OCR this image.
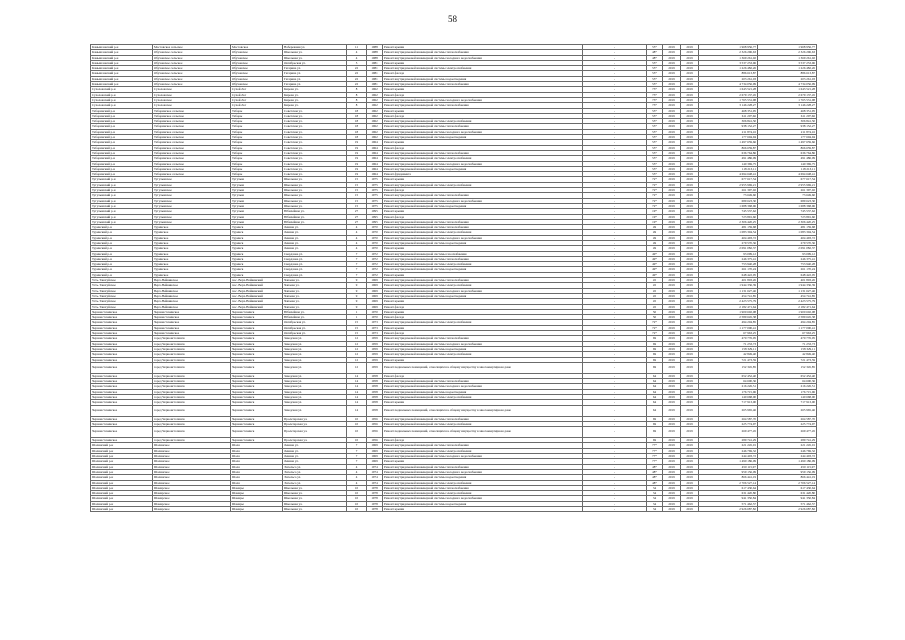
58
Камышловский р-н	Мостовское сельское	Мостовское	Набережная ул.	11	1988	Ремонт крыши	-	55*	2019	2019	1 968 956,77	1 968 956,77
Камышловский р-н	Обуховское сельское	Обуховское	Школьная ул.	4	1988	Ремонт внутридомовой инженерной системы теплоснабжения	-	48*	2019	2019	2 326 296,63	2 326 296,63
Камышловский р-н	Обуховское сельское	Обуховское	Школьная ул.	4	1988	Ремонт внутридомовой инженерной системы холодного водоснабжения	-	48*	2019	2019	1 369 261,02	1 369 261,02
Камышловский р-н	Обуховское сельское	Обуховское	Октябрьская ул.	5	1981	Ремонт крыши	-	55*	2019	2019	3 537 253,96	3 537 253,96
Камышловский р-н	Обуховское сельское	Обуховское	Гагарина ул.	22	1981	Ремонт внутридомовой инженерной системы электроснабжения	-	55*	2019	2019	1 226 482,26	1 226 482,26
Камышловский р-н	Обуховское сельское	Обуховское	Гагарина ул.	22	1981	Ремонт фасада	-	55*	2019	2019	886 613,87	886 613,87
Камышловский р-н	Обуховское сельское	Обуховское	Гагарина ул.	22	1981	Ремонт внутридомовой инженерной системы водоотведения	-	55*	2019	2019	203 261,03	203 261,03
Камышловский р-н	Обуховское сельское	Обуховское	Гагарина ул.	22	1981	Ремонт внутридомовой инженерной системы теплоснабжения	-	55*	2019	2019	4 734 056,99	4 734 056,99
Сухоложский р-н	Сухоложское	Сухой Лог	Кирова ул.	8	1962	Ремонт крыши	-	73*	2019	2019	1 643 521,28	1 643 521,28
Сухоложский р-н	Сухоложское	Сухой Лог	Кирова ул.	8	1962	Ремонт фасада	-	73*	2019	2019	2 679 137,45	2 679 137,45
Сухоложский р-н	Сухоложское	Сухой Лог	Кирова ул.	8	1962	Ремонт внутридомовой инженерной системы холодного водоснабжения	-	73*	2019	2019	1 765 531,98	1 765 531,98
Сухоложский р-н	Сухоложское	Сухой Лог	Кирова ул.	8	1962	Ремонт внутридомовой инженерной системы теплоснабжения	-	73*	2019	2019	3 146 228,27	3 146 228,27
Таборинский р-н	Таборинское сельское	Таборы	Советская ул.	18	1962	Ремонт крыши	-	55*	2019	2019	468 351,95	468 351,95
Таборинский р-н	Таборинское сельское	Таборы	Советская ул.	18	1962	Ремонт фасада	-	55*	2019	2019	611 207,66	611 207,66
Таборинский р-н	Таборинское сельское	Таборы	Советская ул.	18	1962	Ремонт внутридомовой инженерной системы электроснабжения	-	55*	2019	2019	306 841,50	306 841,50
Таборинский р-н	Таборинское сельское	Таборы	Советская ул.	18	1962	Ремонт внутридомовой инженерной системы теплоснабжения	-	55*	2019	2019	938 152,27	938 152,27
Таборинский р-н	Таборинское сельское	Таборы	Советская ул.	18	1962	Ремонт внутридомовой инженерной системы холодного водоснабжения	-	55*	2019	2019	211 874,16	211 874,16
Таборинский р-н	Таборинское сельское	Таборы	Советская ул.	18	1962	Ремонт внутридомовой инженерной системы водоотведения	-	55*	2019	2019	177 604,94	177 604,94
Таборинский р-н	Таборинское сельское	Таборы	Советская ул.	19	1964	Ремонт крыши	-	55*	2019	2019	1 497 659,66	1 497 659,66
Таборинский р-н	Таборинское сельское	Таборы	Советская ул.	19	1964	Ремонт фасада	-	55*	2019	2019	866 659,87	866 659,87
Таборинский р-н	Таборинское сельское	Таборы	Советская ул.	19	1964	Ремонт внутридомовой инженерной системы теплоснабжения	-	55*	2019	2019	636 764,86	636 764,86
Таборинский р-н	Таборинское сельское	Таборы	Советская ул.	19	1964	Ремонт внутридомовой инженерной системы электроснабжения	-	55*	2019	2019	491 486,09	491 486,09
Таборинский р-н	Таборинское сельское	Таборы	Советская ул.	19	1964	Ремонт внутридомовой инженерной системы холодного водоснабжения	-	55*	2019	2019	140 369,75	140 369,75
Таборинский р-н	Таборинское сельское	Таборы	Советская ул.	19	1964	Ремонт внутридомовой инженерной системы водоотведения	-	55*	2019	2019	118 213,11	118 213,11
Таборинский р-н	Таборинское сельское	Таборы	Советская ул.	19	1964	Ремонт фундамента	-	55*	2019	2019	4 694 648,41	4 694 648,41
Тугулымский р-н	Тугулымское	Тугулым	Школьная ул.	15	1975	Ремонт крыши	-	72*	2019	2019	677 617,54	677 617,54
Тугулымский р-н	Тугулымское	Тугулым	Школьная ул.	15	1975	Ремонт внутридомовой инженерной системы электроснабжения	-	72*	2019	2019	2 955 969,21	2 955 969,21
Тугулымский р-н	Тугулымское	Тугулым	Школьная ул.	15	1975	Ремонт фасада	-	72*	2019	2019	261 397,02	261 397,02
Тугулымский р-н	Тугулымское	Тугулым	Школьная ул.	15	1975	Ремонт внутридомовой инженерной системы теплоснабжения	-	72*	2019	2019	73 649,60	73 649,60
Тугулымский р-н	Тугулымское	Тугулым	Школьная ул.	15	1975	Ремонт внутридомовой инженерной системы холодного водоснабжения	-	72*	2019	2019	689 623,30	689 623,30
Тугулымский р-н	Тугулымское	Тугулым	Школьная ул.	15	1975	Ремонт внутридомовой инженерной системы водоотведения	-	72*	2019	2019	1 688 368,96	1 688 368,96
Тугулымский р-н	Тугулымское	Тугулым	Юбилейная ул.	27	1995	Ремонт крыши	-	19*	2019	2019	745 537,62	745 537,62
Тугулымский р-н	Тугулымское	Тугулым	Юбилейная ул.	27	1995	Ремонт фасада	-	19*	2019	2019	723 891,60	723 891,60
Тугулымский р-н	Тугулымское	Тугулым	Юбилейная ул.	27	1995	Ремонт внутридомовой инженерной системы теплоснабжения	-	19*	2019	2019	2 306 420,25	2 306 420,25
Туринский р-н	Туринское	Туринск	Ленина ул.	4	1970	Ремонт внутридомовой инженерной системы теплоснабжения	-	49	2019	2019	481 159,68	481 159,68
Туринский р-н	Туринское	Туринск	Ленина ул.	4	1970	Ремонт внутридомовой инженерной системы электроснабжения	-	49	2019	2019	1 083 304,54	1 083 304,54
Туринский р-н	Туринское	Туринск	Ленина ул.	4	1970	Ремонт внутридомовой инженерной системы холодного водоснабжения	-	49	2019	2019	404 493,72	404 493,72
Туринский р-н	Туринское	Туринск	Ленина ул.	4	1970	Ремонт внутридомовой инженерной системы водоотведения	-	49	2019	2019	279 570,36	279 570,36
Туринский р-н	Туринское	Туринск	Ленина ул.	4	1970	Ремонт крыши	-	49	2019	2019	2 091 082,37	2 091 082,37
Туринский р-н	Туринское	Туринск	Свердлова ул.	7	1972	Ремонт внутридомовой инженерной системы газоснабжения	-	49*	2019	2019	93 099,12	93 099,12
Туринский р-н	Туринское	Туринск	Свердлова ул.	7	1972	Ремонт внутридомовой инженерной системы теплоснабжения	-	49*	2019	2019	246 375,41	246 375,41
Туринский р-н	Туринское	Туринск	Свердлова ул.	7	1972	Ремонт внутридомовой инженерной системы электроснабжения	-	49*	2019	2019	753 940,28	753 940,28
Туринский р-н	Туринское	Туринск	Свердлова ул.	7	1972	Ремонт внутридомовой инженерной системы водоотведения	-	49*	2019	2019	261 170,24	261 170,24
Туринский р-н	Туринское	Туринск	Свердлова ул.	7	1972	Ремонт крыши	-	49*	2019	2019	648 422,05	648 422,05
Усть-Таватуйское	Верх-Нейвинское	пос. Верх-Нейвинский	Чапаева ул.	9	1969	Ремонт внутридомовой инженерной системы теплоснабжения	-	45	2019	2019	401 803,26	401 803,26
Усть-Таватуйское	Верх-Нейвинское	пос. Верх-Нейвинский	Чапаева ул.	9	1969	Ремонт внутридомовой инженерной системы электроснабжения	-	45	2019	2019	1 944 336,39	1 944 336,39
Усть-Таватуйское	Верх-Нейвинское	пос. Верх-Нейвинский	Чапаева ул.	9	1969	Ремонт внутридомовой инженерной системы холодного водоснабжения	-	45	2019	2019	1 131 627,46	1 131 627,46
Усть-Таватуйское	Верх-Нейвинское	пос. Верх-Нейвинский	Чапаева ул.	9	1969	Ремонт внутридомовой инженерной системы водоотведения	-	45	2019	2019	454 741,85	454 741,85
Усть-Таватуйское	Верх-Нейвинское	пос. Верх-Нейвинский	Чапаева ул.	9	1969	Ремонт крыши	-	45	2019	2019	2 423 575,79	2 423 575,79
Усть-Таватуйское	Верх-Нейвинское	пос. Верх-Нейвинский	Чапаева ул.	9	1969	Ремонт фасада	-	45	2019	2019	2 182 471,64	2 182 471,64
Черноисточинское	Черноисточинское	Черноисточинск	Юбилейная ул.	1	1970	Ремонт крыши	-	50	2019	2019	1 900 602,08	1 900 602,08
Черноисточинское	Черноисточинское	Черноисточинск	Юбилейная ул.	1	1970	Ремонт фасада	-	50	2019	2019	2 589 645,38	2 589 645,38
Черноисточинское	Черноисточинское	Черноисточинск	Октябрьская ул.	15	1973	Ремонт внутридомовой инженерной системы электроснабжения	-	72*	2019	2019	494 204,85	494 204,85
Черноисточинское	Черноисточинское	Черноисточинск	Октябрьская ул.	15	1973	Ремонт крыши	-	72*	2019	2019	1 177 000,41	1 177 000,41
Черноисточинское	Черноисточинское	Черноисточинск	Октябрьская ул.	15	1973	Ремонт фасада	-	72*	2019	2019	67 963,25	67 963,25
Черноисточинское	город Черноисточинск	Черноисточинск	Заводская ул.	12	1959	Ремонт внутридомовой инженерной системы теплоснабжения	-	69	2019	2019	470 776,05	470 776,05
Черноисточинское	город Черноисточинск	Черноисточинск	Заводская ул.	12	1959	Ремонт внутридомовой инженерной системы холодного водоснабжения	-	69	2019	2019	71 233,73	71 233,73
Черноисточинское	город Черноисточинск	Черноисточинск	Заводская ул.	12	1959	Ремонт внутридомовой инженерной системы водоотведения	-	69	2019	2019	158 329,11	158 329,11
Черноисточинское	город Черноисточинск	Черноисточинск	Заводская ул.	12	1959	Ремонт внутридомовой инженерной системы электроснабжения	-	69	2019	2019	42 849,40	42 849,40
Черноисточинское	город Черноисточинск	Черноисточинск	Заводская ул.	12	1959	Ремонт крыши	-	69	2019	2019	721 473,59	721 473,59
Черноисточинское	город Черноисточинск	Черноисточинск	Заводская ул.	12	1959	Ремонт подвальных помещений, относящихся к общему имуществу в многоквартирном доме	-	69	2019	2019	152 345,85	152 345,85
Черноисточинское	город Черноисточинск	Черноисточинск	Заводская ул.	14	1958	Ремонт фасада	-	64	2019	2019	652 452,40	652 452,40
Черноисточинское	город Черноисточинск	Черноисточинск	Заводская ул.	14	1958	Ремонт внутридомовой инженерной системы теплоснабжения	-	64	2019	2019	64 600,36	64 600,36
Черноисточинское	город Черноисточинск	Черноисточинск	Заводская ул.	14	1958	Ремонт внутридомовой инженерной системы холодного водоснабжения	-	64	2019	2019	216 226,51	216 226,51
Черноисточинское	город Черноисточинск	Черноисточинск	Заводская ул.	14	1958	Ремонт внутридомовой инженерной системы водоотведения	-	64	2019	2019	176 715,96	176 715,96
Черноисточинское	город Черноисточинск	Черноисточинск	Заводская ул.	14	1958	Ремонт внутридомовой инженерной системы электроснабжения	-	64	2019	2019	140 668,00	140 668,00
Черноисточинское	город Черноисточинск	Черноисточинск	Заводская ул.	14	1958	Ремонт крыши	-	64	2019	2019	717 913,00	717 913,00
Черноисточинское	город Черноисточинск	Черноисточинск	Заводская ул.	14	1958	Ремонт подвальных помещений, относящихся к общему имуществу в многоквартирном доме	-	64	2019	2019	265 965,46	265 965,46
Черноисточинское	город Черноисточинск	Черноисточинск	Пролетарская ул.	10	1956	Ремонт внутридомовой инженерной системы теплоснабжения	-	69	2019	2019	264 587,70	264 587,70
Черноисточинское	город Черноисточинск	Черноисточинск	Пролетарская ул.	10	1956	Ремонт внутридомовой инженерной системы электроснабжения	-	69	2019	2019	225 774,97	225 774,97
Черноисточинское	город Черноисточинск	Черноисточинск	Пролетарская ул.	10	1956	Ремонт подвальных помещений, относящихся к общему имуществу в многоквартирном доме	-	69	2019	2019	269 477,45	269 477,45
Черноисточинское	город Черноисточинск	Черноисточинск	Пролетарская ул.	10	1956	Ремонт фасада	-	69	2019	2019	289 741,29	289 741,29
Шалинский р-н	Шалинское	Шаля	Ленина ул.	7	1969	Ремонт внутридомовой инженерной системы теплоснабжения	-	77*	2019	2019	221 245,01	221 245,01
Шалинский р-н	Шалинское	Шаля	Ленина ул.	7	1969	Ремонт внутридомовой инженерной системы электроснабжения	-	77*	2019	2019	246 769,32	246 769,32
Шалинский р-н	Шалинское	Шаля	Ленина ул.	7	1969	Ремонт внутридомовой инженерной системы холодного водоснабжения	-	77*	2019	2019	244 403,72	244 403,72
Шалинский р-н	Шалинское	Шаля	Ленина ул.	7	1969	Ремонт крыши	-	77*	2019	2019	1 490 186,09	1 490 186,09
Шалинский р-н	Шалинское	Шаля	Энгельса ул.	4	1974	Ремонт внутридомовой инженерной системы теплоснабжения	-	48*	2019	2019	450 115,97	450 115,97
Шалинский р-н	Шалинское	Шаля	Энгельса ул.	4	1974	Ремонт внутридомовой инженерной системы холодного водоснабжения	-	48*	2019	2019	959 156,09	959 156,09
Шалинский р-н	Шалинское	Шаля	Энгельса ул.	4	1974	Ремонт внутридомовой инженерной системы водоотведения	-	48*	2019	2019	866 441,19	866 441,19
Шалинский р-н	Шалинское	Шаля	Энгельса ул.	4	1974	Ремонт внутридомовой инженерной системы электроснабжения	-	48*	2019	2019	2 706 527,14	2 706 527,14
Шалинский р-н	Шамарское	Шамары	Школьная ул.	10	1978	Ремонт внутридомовой инженерной системы теплоснабжения	-	34	2019	2019	617 430,64	617 430,64
Шалинский р-н	Шамарское	Шамары	Школьная ул.	10	1978	Ремонт внутридомовой инженерной системы электроснабжения	-	34	2019	2019	631 420,80	631 420,80
Шалинский р-н	Шамарское	Шамары	Школьная ул.	10	1978	Ремонт внутридомовой инженерной системы холодного водоснабжения	-	34	2019	2019	941 350,84	941 350,84
Шалинский р-н	Шамарское	Шамары	Школьная ул.	10	1978	Ремонт внутридомовой инженерной системы водоотведения	-	34	2019	2019	571 462,57	571 462,57
Шалинский р-н	Шамарское	Шамары	Школьная ул.	10	1978	Ремонт крыши	-	34	2019	2019	2 926 687,82	2 926 687,82
